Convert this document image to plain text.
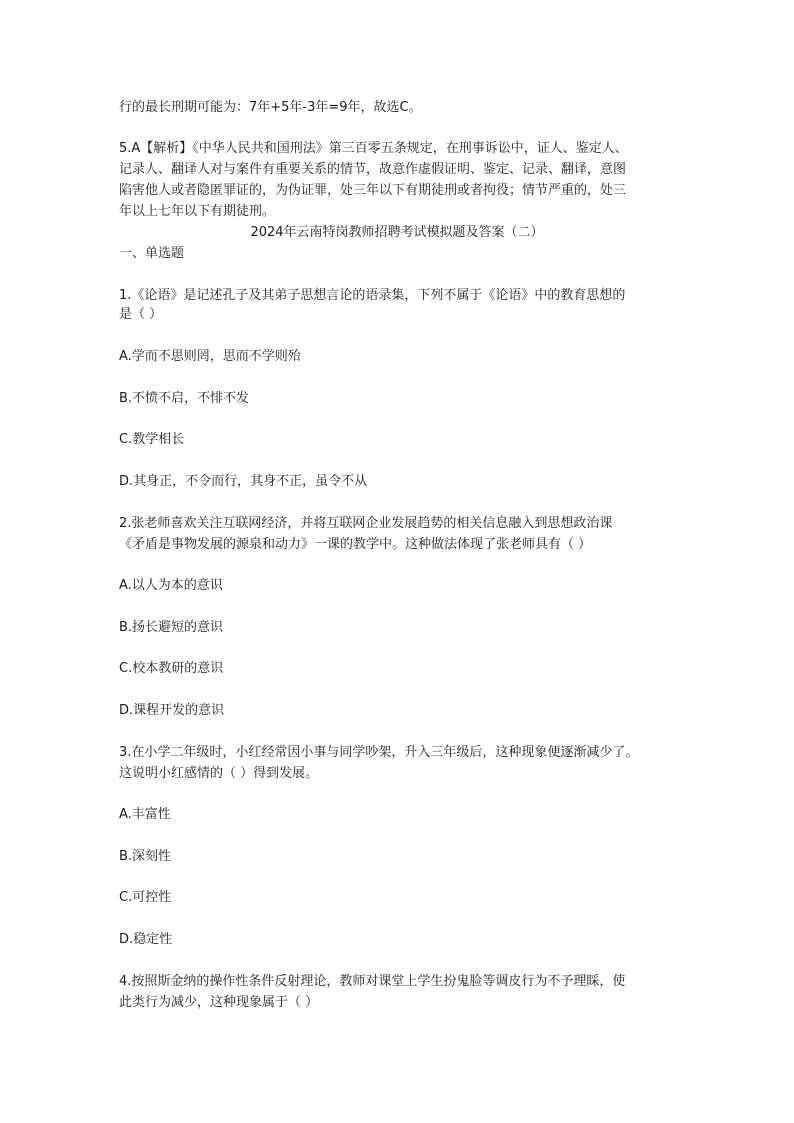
行的最长刑期可能为：7年+5年-3年=9年，故选C。

5.A【解析】《中华人民共和国刑法》第三百零五条规定，在刑事诉讼中，证人、鉴定人、

记录人、翻译人对与案件有重要关系的情节，故意作虚假证明、鉴定、记录、翻译，意图

陷害他人或者隐匿罪证的，为伪证罪，处三年以下有期徒刑或者拘役；情节严重的，处三

年以上七年以下有期徒刑。

2024年云南特岗教师招聘考试模拟题及答案（二）

一、单选题

1.《论语》是记述孔子及其弟子思想言论的语录集，下列不属于《论语》中的教育思想的

是（ ）

A.学而不思则罔，思而不学则殆

B.不愤不启，不悱不发

C.教学相长

D.其身正，不令而行，其身不正，虽令不从

2.张老师喜欢关注互联网经济，并将互联网企业发展趋势的相关信息融入到思想政治课

《矛盾是事物发展的源泉和动力》一课的教学中。这种做法体现了张老师具有（ ）

A.以人为本的意识

B.扬长避短的意识

C.校本教研的意识

D.课程开发的意识

3.在小学二年级时，小红经常因小事与同学吵架，升入三年级后，这种现象便逐渐减少了。

这说明小红感情的（ ）得到发展。

A.丰富性

B.深刻性

C.可控性

D.稳定性

4.按照斯金纳的操作性条件反射理论，教师对课堂上学生扮鬼脸等调皮行为不予理睬，使

此类行为减少，这种现象属于（ ）
